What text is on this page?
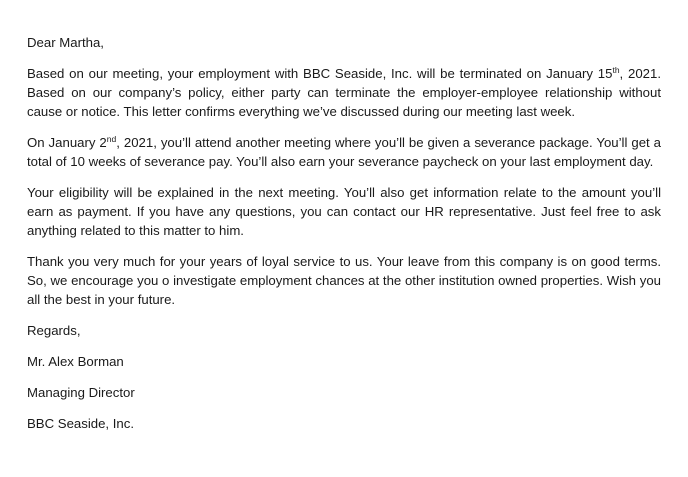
Dear Martha,

Based on our meeting, your employment with BBC Seaside, Inc. will be terminated on January 15th, 2021. Based on our company’s policy, either party can terminate the employer-employee relationship without cause or notice. This letter confirms everything we’ve discussed during our meeting last week.

On January 2nd, 2021, you’ll attend another meeting where you’ll be given a severance package. You’ll get a total of 10 weeks of severance pay. You’ll also earn your severance paycheck on your last employment day.

Your eligibility will be explained in the next meeting. You’ll also get information relate to the amount you’ll earn as payment. If you have any questions, you can contact our HR representative. Just feel free to ask anything related to this matter to him.

Thank you very much for your years of loyal service to us. Your leave from this company is on good terms. So, we encourage you o investigate employment chances at the other institution owned properties. Wish you all the best in your future.

Regards,

Mr. Alex Borman

Managing Director

BBC Seaside, Inc.
